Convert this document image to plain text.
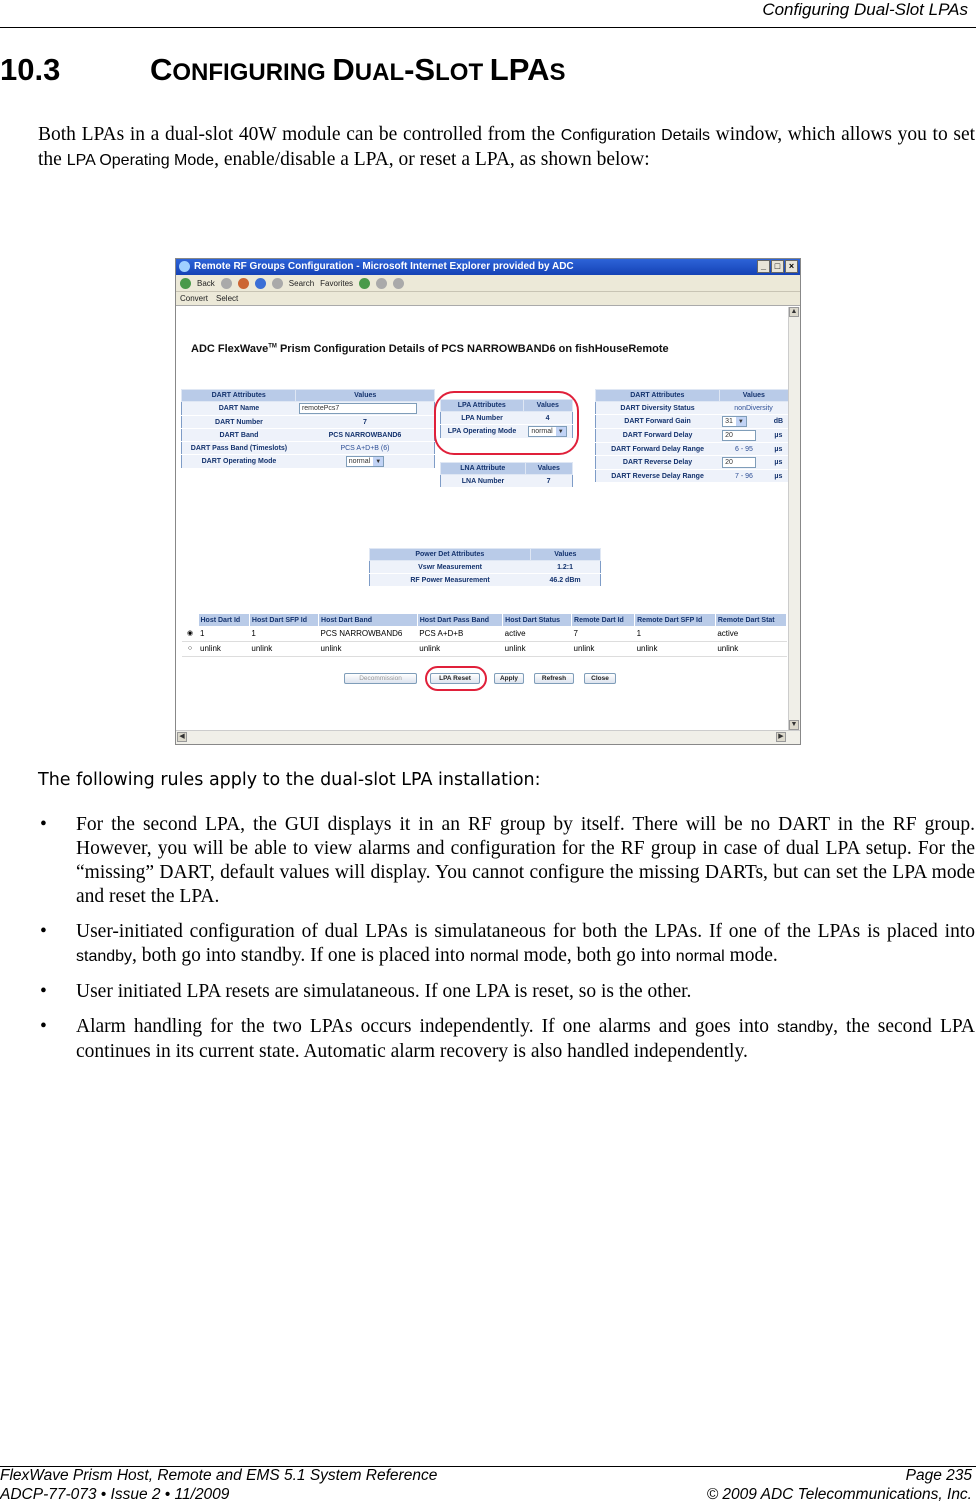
Configuring Dual-Slot LPAs
10.3	CONFIGURING DUAL-SLOT LPAS

Both LPAs in a dual-slot 40W module can be controlled from the Configuration Details window, which allows you to set the LPA Operating Mode, enable/disable a LPA, or reset a LPA, as shown below:

Remote RF Groups Configuration - Microsoft Internet Explorer provided by ADC	_ □ ×
Back	Search Favorites
Convert Select
ADC FlexWave™ Prism Configuration Details of PCS NARROWBAND6 on fishHouseRemote
DART Attributes	Values
DART Name	remotePcs7
DART Number	7
DART Band	PCS NARROWBAND6
DART Pass Band (Timeslots)	PCS A+D+B (6)
DART Operating Mode	normal ▼
LPA Attributes	Values
LPA Number	4
LPA Operating Mode	normal ▼
LNA Attribute	Values
LNA Number	7
DART Attributes	Values	
DART Diversity Status	nonDiversity	
DART Forward Gain	31 ▼	dB
DART Forward Delay	20	µs
DART Forward Delay Range	6 - 95	µs
DART Reverse Delay	20	µs
DART Reverse Delay Range	7 - 96	µs
Power Det Attributes	Values
Vswr Measurement	1.2:1
RF Power Measurement	46.2 dBm
	Host Dart Id	Host Dart SFP Id	Host Dart Band	Host Dart Pass Band	Host Dart Status	Remote Dart Id	Remote Dart SFP Id	Remote Dart Stat
◉	1	1	PCS NARROWBAND6	PCS A+D+B	active	7	1	active
○	unlink	unlink	unlink	unlink	unlink	unlink	unlink	unlink
Decommission	LPA Reset	Apply	Refresh	Close
▲
▼
◀	▶

The following rules apply to the dual-slot LPA installation:

• For the second LPA, the GUI displays it in an RF group by itself. There will be no DART in the RF group. However, you will be able to view alarms and configuration for the RF group in case of dual LPA setup. For the “missing” DART, default values will display. You cannot configure the missing DARTs, but can set the LPA mode and reset the LPA.
• User-initiated configuration of dual LPAs is simulataneous for both the LPAs. If one of the LPAs is placed into standby, both go into standby. If one is placed into normal mode, both go into normal mode.
• User initiated LPA resets are simulataneous. If one LPA is reset, so is the other.
• Alarm handling for the two LPAs occurs independently. If one alarms and goes into standby, the second LPA continues in its current state. Automatic alarm recovery is also handled independently.
FlexWave Prism Host, Remote and EMS 5.1 System Reference	Page 235
ADCP-77-073 • Issue 2 • 11/2009	© 2009 ADC Telecommunications, Inc.
